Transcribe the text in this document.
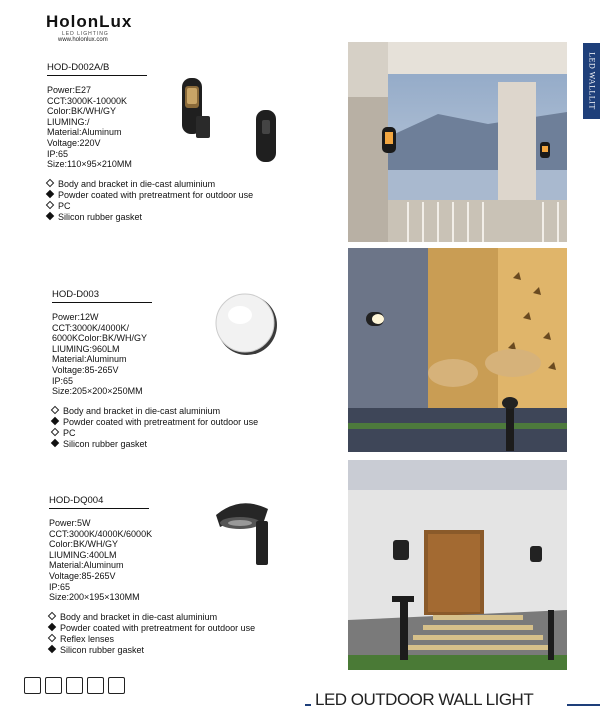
HolonLux
LED LIGHTING
www.holonlux.com
LED WALLLIT
HOD-D002A/B
Power:E27
CCT:3000K-10000K
Color:BK/WH/GY
LIUMING:/
Material:Aluminum
Voltage:220V
IP:65
Size:110×95×210MM
Body and bracket in die-cast aluminium
Powder coated with pretreatment for outdoor use
PC
Silicon rubber gasket
HOD-D003
Power:12W
CCT:3000K/4000K/
6000KColor:BK/WH/GY
LIUMING:960LM
Material:Aluminum
Voltage:85-265V
IP:65
Size:205×200×250MM
Body and bracket in die-cast aluminium
Powder coated with pretreatment for outdoor use
PC
Silicon rubber gasket
HOD-DQ004
Power:5W
CCT:3000K/4000K/6000K
Color:BK/WH/GY
LIUMING:400LM
Material:Aluminum
Voltage:85-265V
IP:65
Size:200×195×130MM
Body and bracket in die-cast aluminium
Powder coated with pretreatment for outdoor use
Reflex lenses
Silicon rubber gasket
LED OUTDOOR WALL LIGHT
